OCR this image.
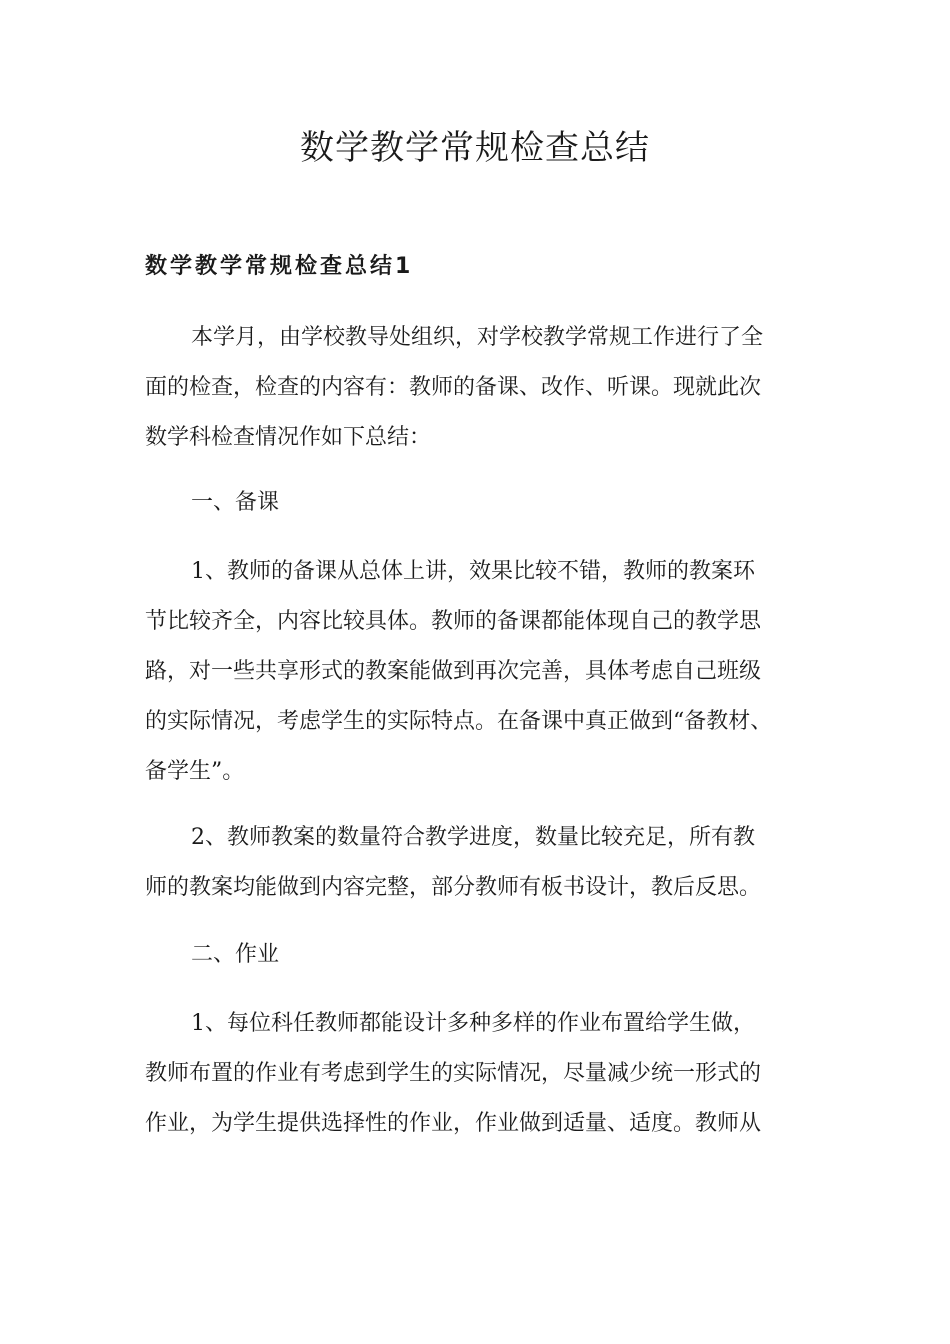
数学教学常规检查总结
数学教学常规检查总结1

本学月，由学校教导处组织，对学校教学常规工作进行了全
面的检查，检查的内容有：教师的备课、改作、听课。现就此次
数学科检查情况作如下总结：

一、备课

1、教师的备课从总体上讲，效果比较不错，教师的教案环
节比较齐全，内容比较具体。教师的备课都能体现自己的教学思
路，对一些共享形式的教案能做到再次完善，具体考虑自己班级
的实际情况，考虑学生的实际特点。在备课中真正做到“备教材、
备学生”。

2、教师教案的数量符合教学进度，数量比较充足，所有教
师的教案均能做到内容完整，部分教师有板书设计，教后反思。

二、作业

1、每位科任教师都能设计多种多样的作业布置给学生做，
教师布置的作业有考虑到学生的实际情况，尽量减少统一形式的
作业，为学生提供选择性的作业，作业做到适量、适度。教师从
